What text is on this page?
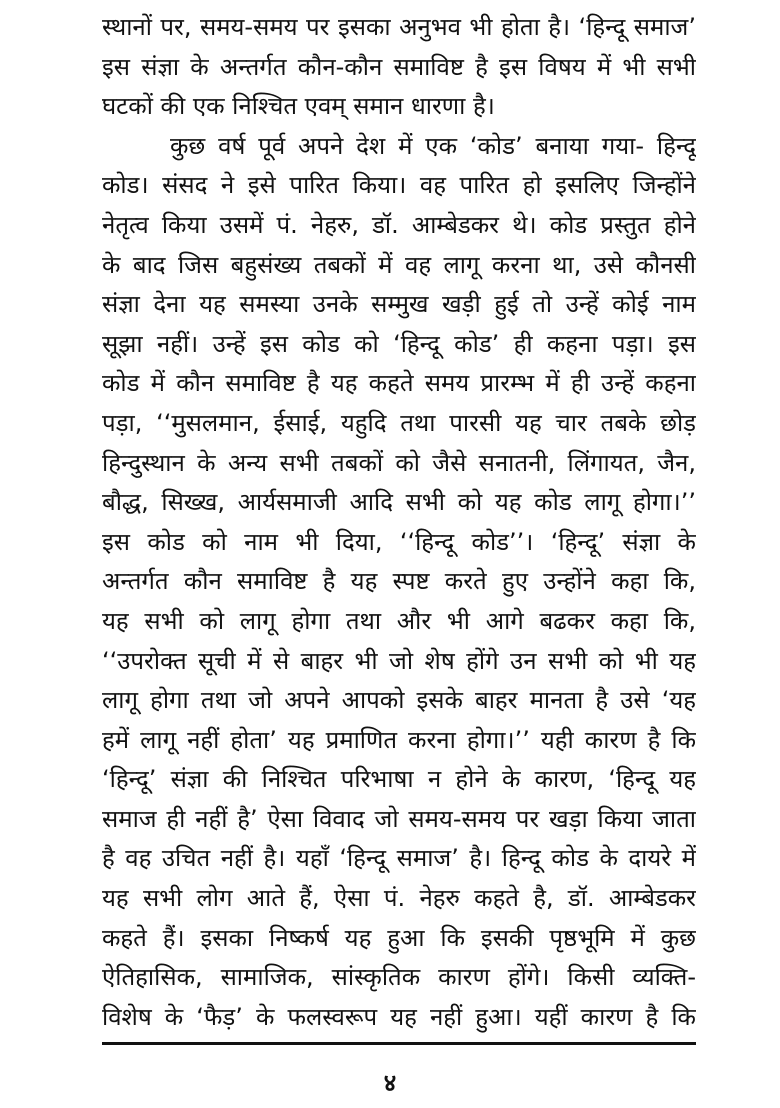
स्थानों पर, समय-समय पर इसका अनुभव भी होता है। ‘हिन्दू समाज’
इस संज्ञा के अन्तर्गत कौन-कौन समाविष्ट है इस विषय में भी सभी
घटकों की एक निश्चित एवम् समान धारणा है।
कुछ वर्ष पूर्व अपने देश में एक ‘कोड’ बनाया गया- हिन्दू
कोड। संसद ने इसे पारित किया। वह पारित हो इसलिए जिन्होंने
नेतृत्व किया उसमें पं. नेहरु, डॉ. आम्बेडकर थे। कोड प्रस्तुत होने
के बाद जिस बहुसंख्य तबकों में वह लागू करना था, उसे कौनसी
संज्ञा देना यह समस्या उनके सम्मुख खड़ी हुई तो उन्हें कोई नाम
सूझा नहीं। उन्हें इस कोड को ‘हिन्दू कोड’ ही कहना पड़ा। इस
कोड में कौन समाविष्ट है यह कहते समय प्रारम्भ में ही उन्हें कहना
पड़ा, ‘‘मुसलमान, ईसाई, यहुदि तथा पारसी यह चार तबके छोड़
हिन्दुस्थान के अन्य सभी तबकों को जैसे सनातनी, लिंगायत, जैन,
बौद्ध, सिख्ख, आर्यसमाजी आदि सभी को यह कोड लागू होगा।’’
इस कोड को नाम भी दिया, ‘‘हिन्दू कोड’’। ‘हिन्दू’ संज्ञा के
अन्तर्गत कौन समाविष्ट है यह स्पष्ट करते हुए उन्होंने कहा कि,
यह सभी को लागू होगा तथा और भी आगे बढकर कहा कि,
‘‘उपरोक्त सूची में से बाहर भी जो शेष होंगे उन सभी को भी यह
लागू होगा तथा जो अपने आपको इसके बाहर मानता है उसे ‘यह
हमें लागू नहीं होता’ यह प्रमाणित करना होगा।’’ यही कारण है कि
‘हिन्दू’ संज्ञा की निश्चित परिभाषा न होने के कारण, ‘हिन्दू यह
समाज ही नहीं है’ ऐसा विवाद जो समय-समय पर खड़ा किया जाता
है वह उचित नहीं है। यहाँ ‘हिन्दू समाज’ है। हिन्दू कोड के दायरे में
यह सभी लोग आते हैं, ऐसा पं. नेहरु कहते है, डॉ. आम्बेडकर
कहते हैं। इसका निष्कर्ष यह हुआ कि इसकी पृष्ठभूमि में कुछ
ऐतिहासिक, सामाजिक, सांस्कृतिक कारण होंगे। किसी व्यक्ति-
विशेष के ‘फैड़’ के फलस्वरूप यह नहीं हुआ। यहीं कारण है कि
४
